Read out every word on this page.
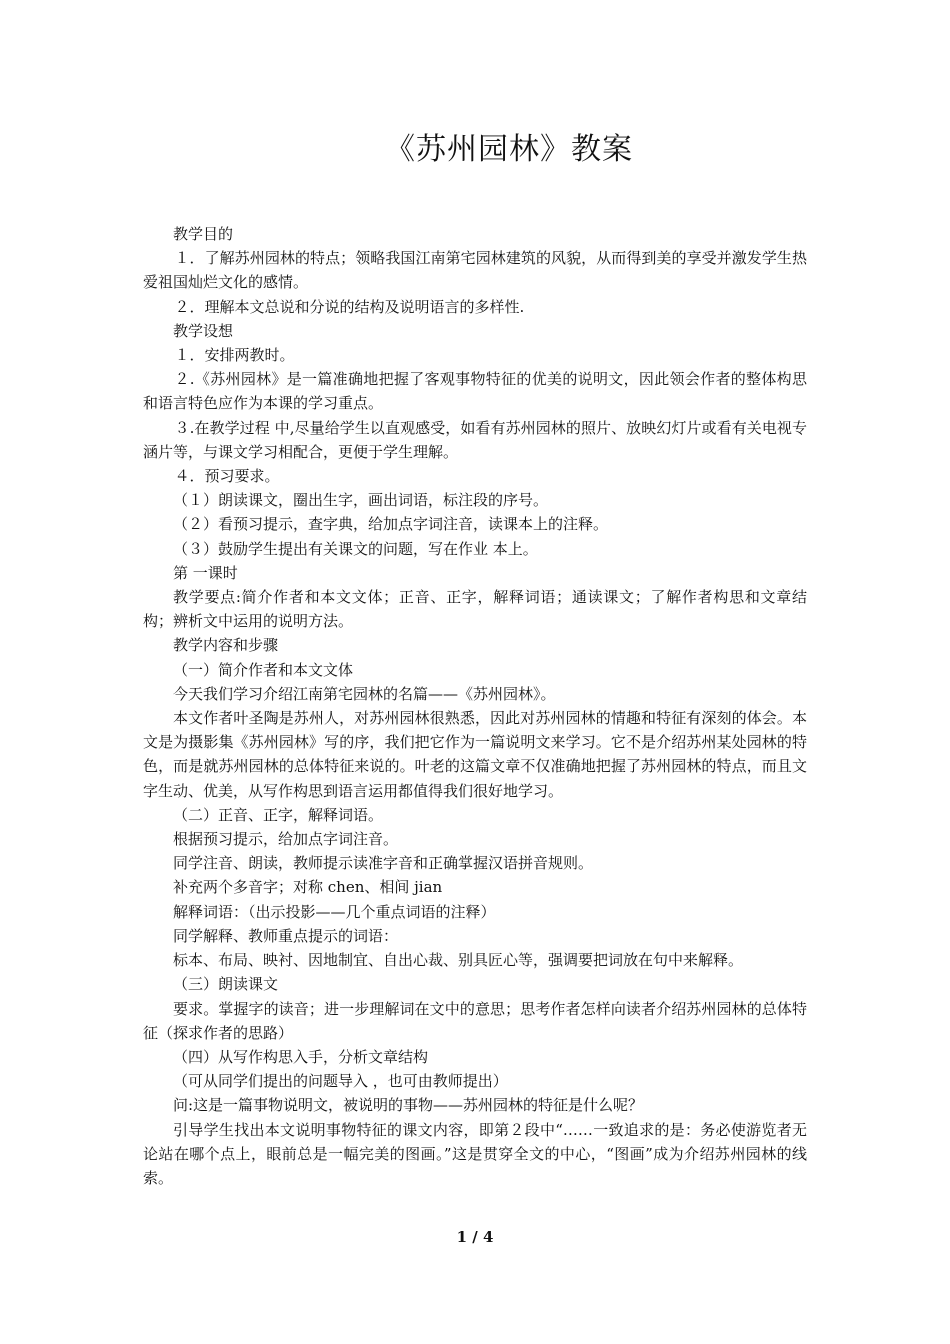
《苏州园林》教案

教学目的

１．了解苏州园林的特点；领略我国江南第宅园林建筑的风貌，从而得到美的享受并激发学生热爱祖国灿烂文化的感情。

２．理解本文总说和分说的结构及说明语言的多样性.

教学设想

１．安排两教时。

２.《苏州园林》是一篇准确地把握了客观事物特征的优美的说明文，因此领会作者的整体构思和语言特色应作为本课的学习重点。

３.在教学过程 中,尽量给学生以直观感受，如看有苏州园林的照片、放映幻灯片或看有关电视专涵片等，与课文学习相配合，更便于学生理解。

４．预习要求。

（１）朗读课文，圈出生字，画出词语，标注段的序号。

（２）看预习提示，查字典，给加点字词注音，读课本上的注释。

（３）鼓励学生提出有关课文的问题，写在作业 本上。

第 一课时

教学要点:简介作者和本文文体；正音、正字，解释词语；通读课文；了解作者构思和文章结构；辨析文中运用的说明方法。

教学内容和步骤

（一）简介作者和本文文体

今天我们学习介绍江南第宅园林的名篇——《苏州园林》。

本文作者叶圣陶是苏州人，对苏州园林很熟悉，因此对苏州园林的情趣和特征有深刻的体会。本文是为摄影集《苏州园林》写的序，我们把它作为一篇说明文来学习。它不是介绍苏州某处园林的特色，而是就苏州园林的总体特征来说的。叶老的这篇文章不仅准确地把握了苏州园林的特点，而且文字生动、优美，从写作构思到语言运用都值得我们很好地学习。

（二）正音、正字，解释词语。

根据预习提示，给加点字词注音。

同学注音、朗读，教师提示读准字音和正确掌握汉语拼音规则。

补充两个多音字；对称 chen、相间 jian

解释词语：（出示投影——几个重点词语的注释）

同学解释、教师重点提示的词语：

标本、布局、映衬、因地制宜、自出心裁、别具匠心等，强调要把词放在句中来解释。

（三）朗读课文

要求。掌握字的读音；进一步理解词在文中的意思；思考作者怎样向读者介绍苏州园林的总体特征（探求作者的思路）

（四）从写作构思入手，分析文章结构

（可从同学们提出的问题导入 ，也可由教师提出）

问:这是一篇事物说明文，被说明的事物——苏州园林的特征是什么呢？

引导学生找出本文说明事物特征的课文内容，即第２段中“……一致追求的是：务必使游览者无论站在哪个点上，眼前总是一幅完美的图画。”这是贯穿全文的中心，“图画”成为介绍苏州园林的线索。

1 / 4
